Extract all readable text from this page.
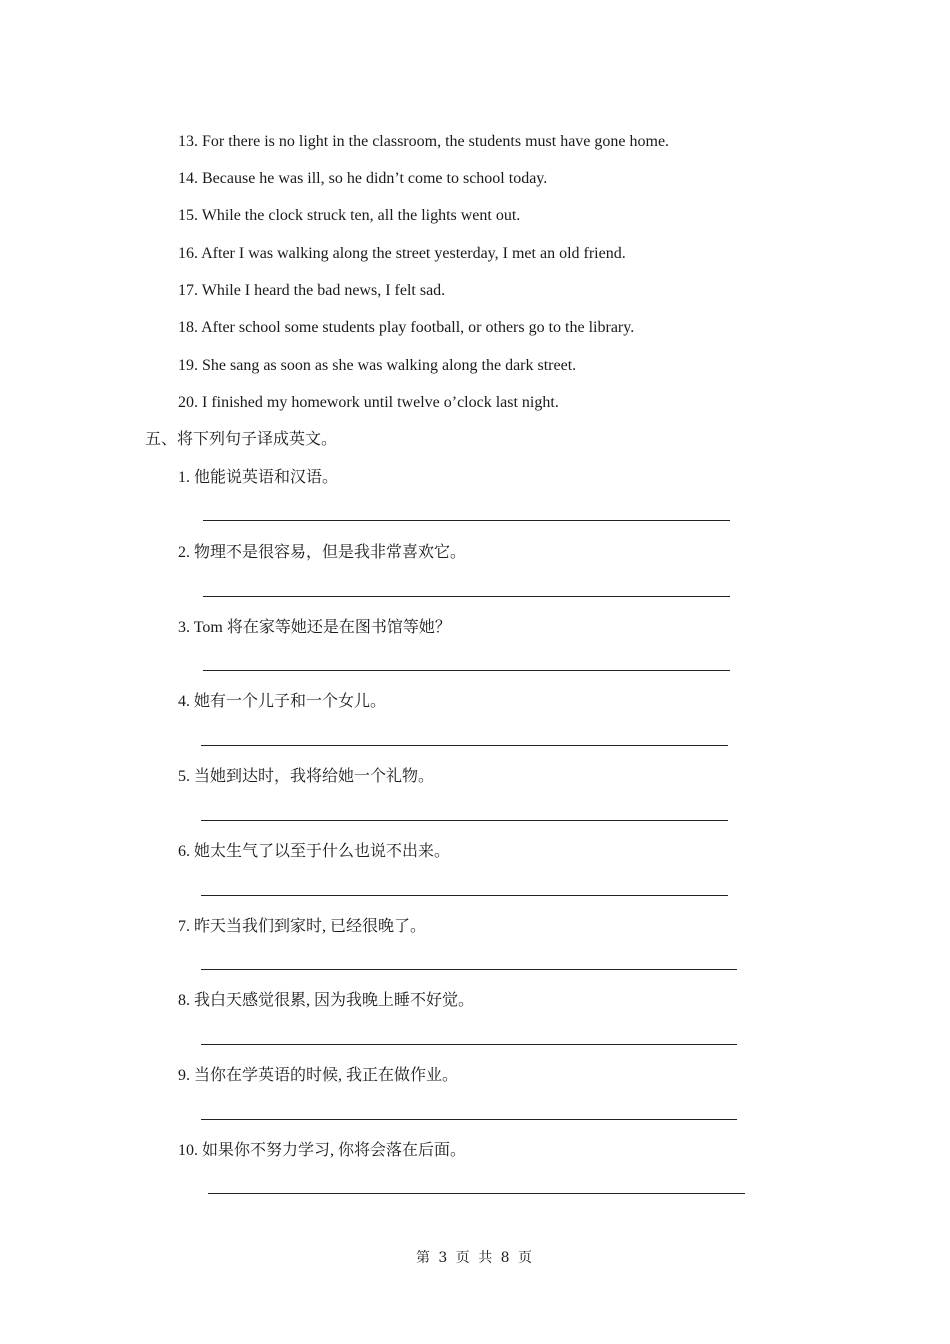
13. For there is no light in the classroom, the students must have gone home.
14. Because he was ill, so he didn’t come to school today.
15. While the clock struck ten, all the lights went out.
16. After I was walking along the street yesterday, I met an old friend.
17. While I heard the bad news, I felt sad.
18. After school some students play football, or others go to the library.
19. She sang as soon as she was walking along the dark street.
20. I finished my homework until twelve o’clock last night.
五、将下列句子译成英文。
1. 他能说英语和汉语。
2. 物理不是很容易，但是我非常喜欢它。
3. Tom 将在家等她还是在图书馆等她？
4. 她有一个儿子和一个女儿。
5. 当她到达时，我将给她一个礼物。
6. 她太生气了以至于什么也说不出来。
7. 昨天当我们到家时, 已经很晚了。
8. 我白天感觉很累, 因为我晚上睡不好觉。
9. 当你在学英语的时候, 我正在做作业。
10. 如果你不努力学习, 你将会落在后面。
第 3 页 共 8 页
